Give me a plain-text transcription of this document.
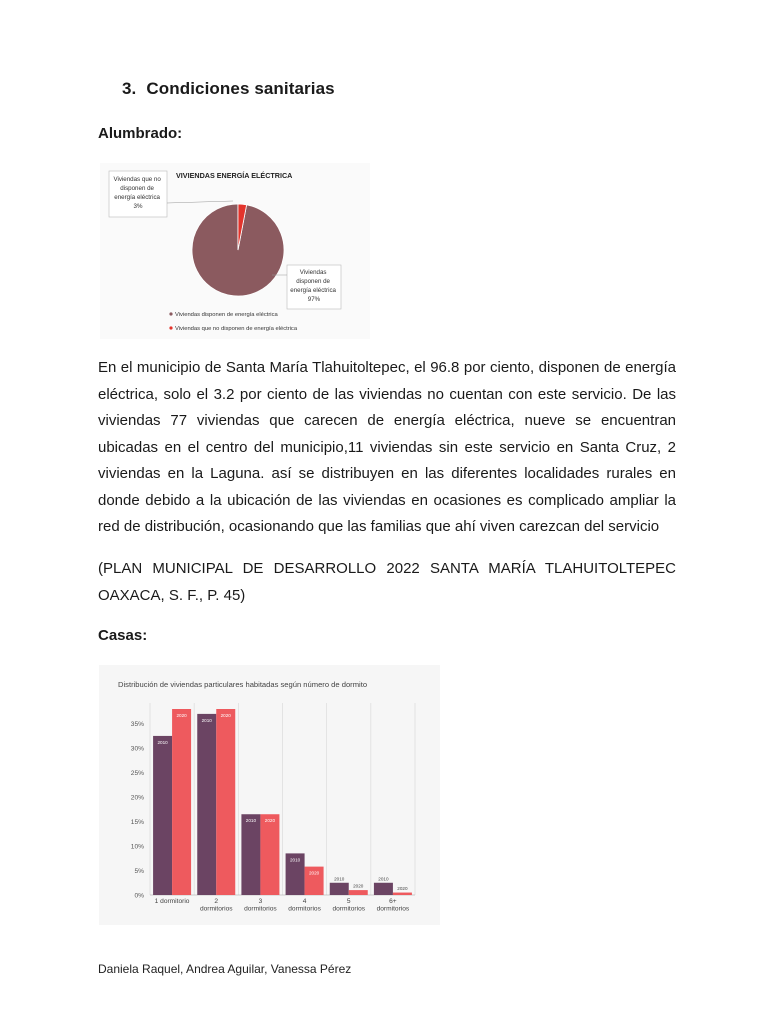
3. Condiciones sanitarias
Alumbrado:
VIVIENDAS ENERGÍA ELÉCTRICA
Viviendas que no disponen de energía eléctrica 3%
Viviendas disponen de energía eléctrica 97%
Viviendas disponen de energía eléctrica
Viviendas que no disponen de energía eléctrica
En el municipio de Santa María Tlahuitoltepec, el 96.8 por ciento, disponen de energía eléctrica, solo el 3.2 por ciento de las viviendas no cuentan con este servicio. De las viviendas 77 viviendas que carecen de energía eléctrica, nueve se encuentran ubicadas en el centro del municipio,11 viviendas sin este servicio en Santa Cruz, 2 viviendas en la Laguna. así se distribuyen en las diferentes localidades rurales en donde debido a la ubicación de las viviendas en ocasiones es complicado ampliar la red de distribución, ocasionando que las familias que ahí viven carezcan del servicio
(PLAN MUNICIPAL DE DESARROLLO 2022 SANTA MARÍA TLAHUITOLTEPEC OAXACA, S. F., P. 45)
Casas:
Distribución de viviendas particulares habitadas según número de dormito
0%
5%
10%
15%
20%
25%
30%
35%
2010
2020
2010
2020
2010 2020
2010
2020
2010
2020
2010
2020
1 dormitorio	2
dormitorios
3
dormitorios
4
dormitorios
5
dormitorios
6+
dormitorios
Daniela Raquel, Andrea Aguilar, Vanessa Pérez
